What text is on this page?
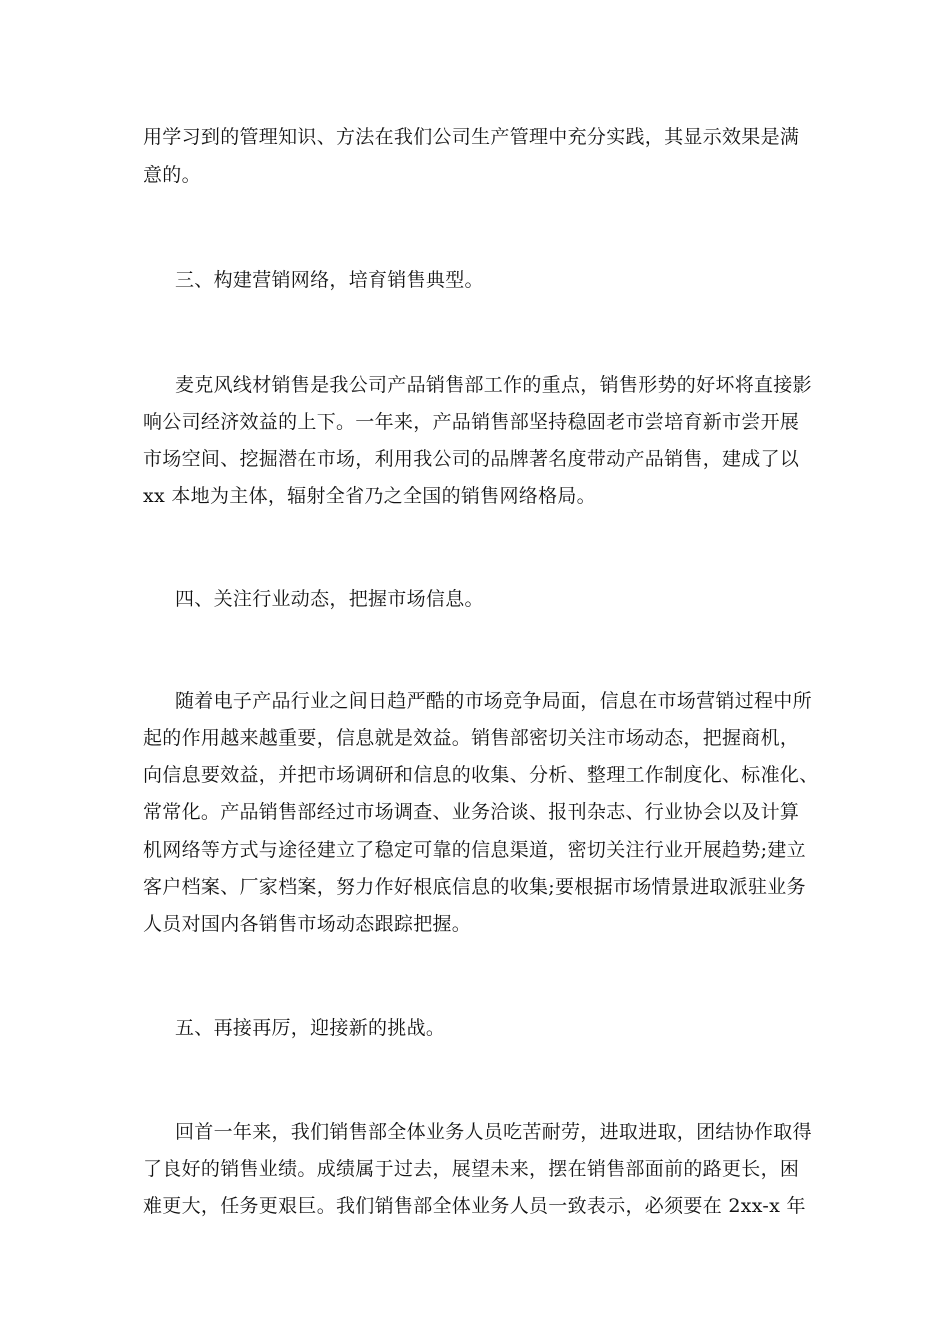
用学习到的管理知识、方法在我们公司生产管理中充分实践，其显示效果是满
意的。
三、构建营销网络，培育销售典型。
麦克风线材销售是我公司产品销售部工作的重点，销售形势的好坏将直接影
响公司经济效益的上下。一年来，产品销售部坚持稳固老市尝培育新市尝开展
市场空间、挖掘潜在市场，利用我公司的品牌著名度带动产品销售，建成了以
xx 本地为主体，辐射全省乃之全国的销售网络格局。
四、关注行业动态，把握市场信息。
随着电子产品行业之间日趋严酷的市场竞争局面，信息在市场营销过程中所
起的作用越来越重要，信息就是效益。销售部密切关注市场动态，把握商机，
向信息要效益，并把市场调研和信息的收集、分析、整理工作制度化、标准化、
常常化。产品销售部经过市场调查、业务洽谈、报刊杂志、行业协会以及计算
机网络等方式与途径建立了稳定可靠的信息渠道，密切关注行业开展趋势;建立
客户档案、厂家档案，努力作好根底信息的收集;要根据市场情景进取派驻业务
人员对国内各销售市场动态跟踪把握。
五、再接再厉，迎接新的挑战。
回首一年来，我们销售部全体业务人员吃苦耐劳，进取进取，团结协作取得
了良好的销售业绩。成绩属于过去，展望未来，摆在销售部面前的路更长，困
难更大，任务更艰巨。我们销售部全体业务人员一致表示，必须要在 2xx-x 年
